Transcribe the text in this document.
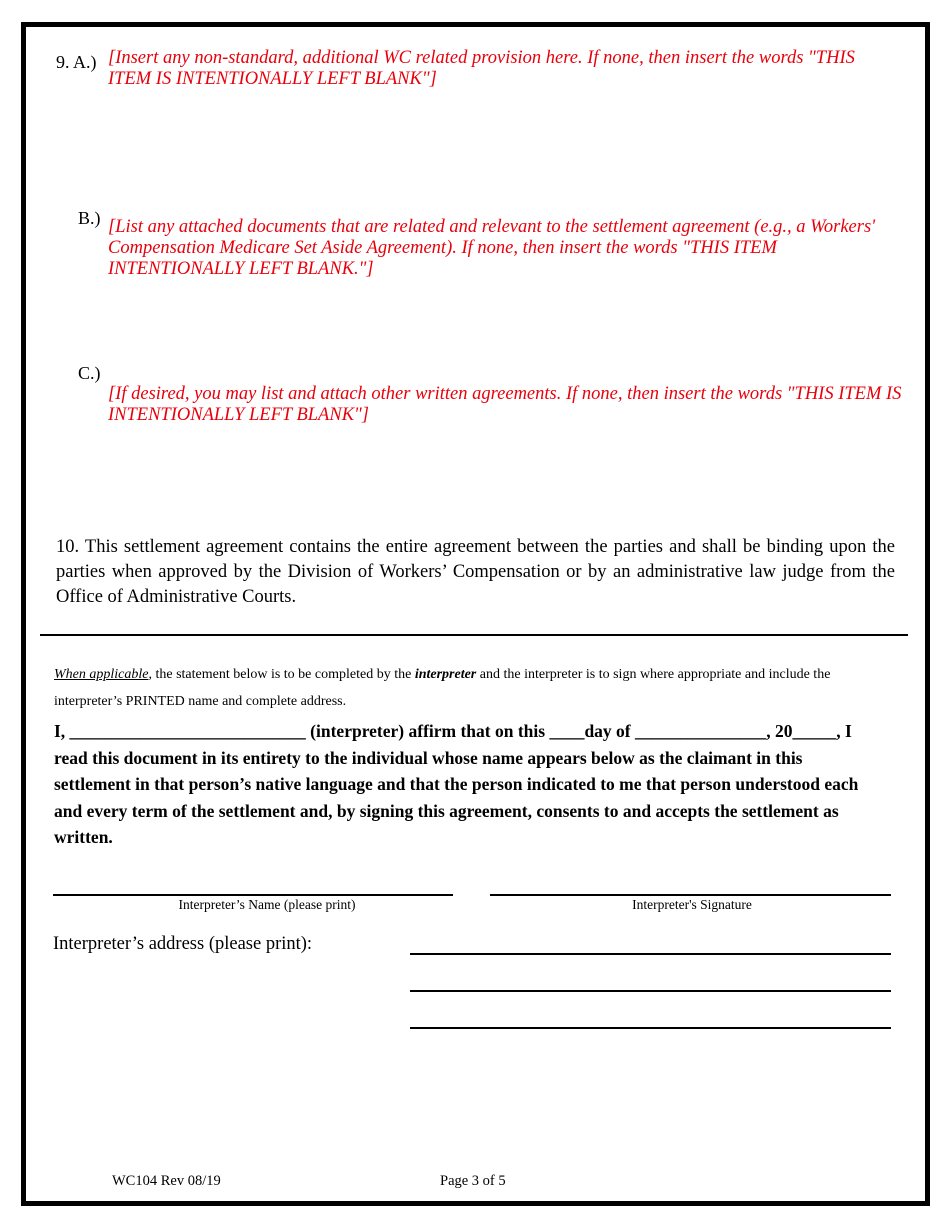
9. A.) [Insert any non-standard, additional WC related provision here. If none, then insert the words "THIS ITEM IS INTENTIONALLY LEFT BLANK"]
B.) [List any attached documents that are related and relevant to the settlement agreement (e.g., a Workers' Compensation Medicare Set Aside Agreement). If none, then insert the words "THIS ITEM INTENTIONALLY LEFT BLANK."]
C.)
[If desired, you may list and attach other written agreements. If none, then insert the words "THIS ITEM IS INTENTIONALLY LEFT BLANK"]
10. This settlement agreement contains the entire agreement between the parties and shall be binding upon the parties when approved by the Division of Workers’ Compensation or by an administrative law judge from the Office of Administrative Courts.
When applicable, the statement below is to be completed by the interpreter and the interpreter is to sign where appropriate and include the interpreter’s PRINTED name and complete address.
I, ___________________________ (interpreter) affirm that on this ____day of _______________, 20_____, I read this document in its entirety to the individual whose name appears below as the claimant in this settlement in that person’s native language and that the person indicated to me that person understood each and every term of the settlement and, by signing this agreement, consents to and accepts the settlement as written.
Interpreter’s Name (please print)	Interpreter's Signature
Interpreter’s address (please print):
WC104 Rev 08/19	Page 3 of 5
